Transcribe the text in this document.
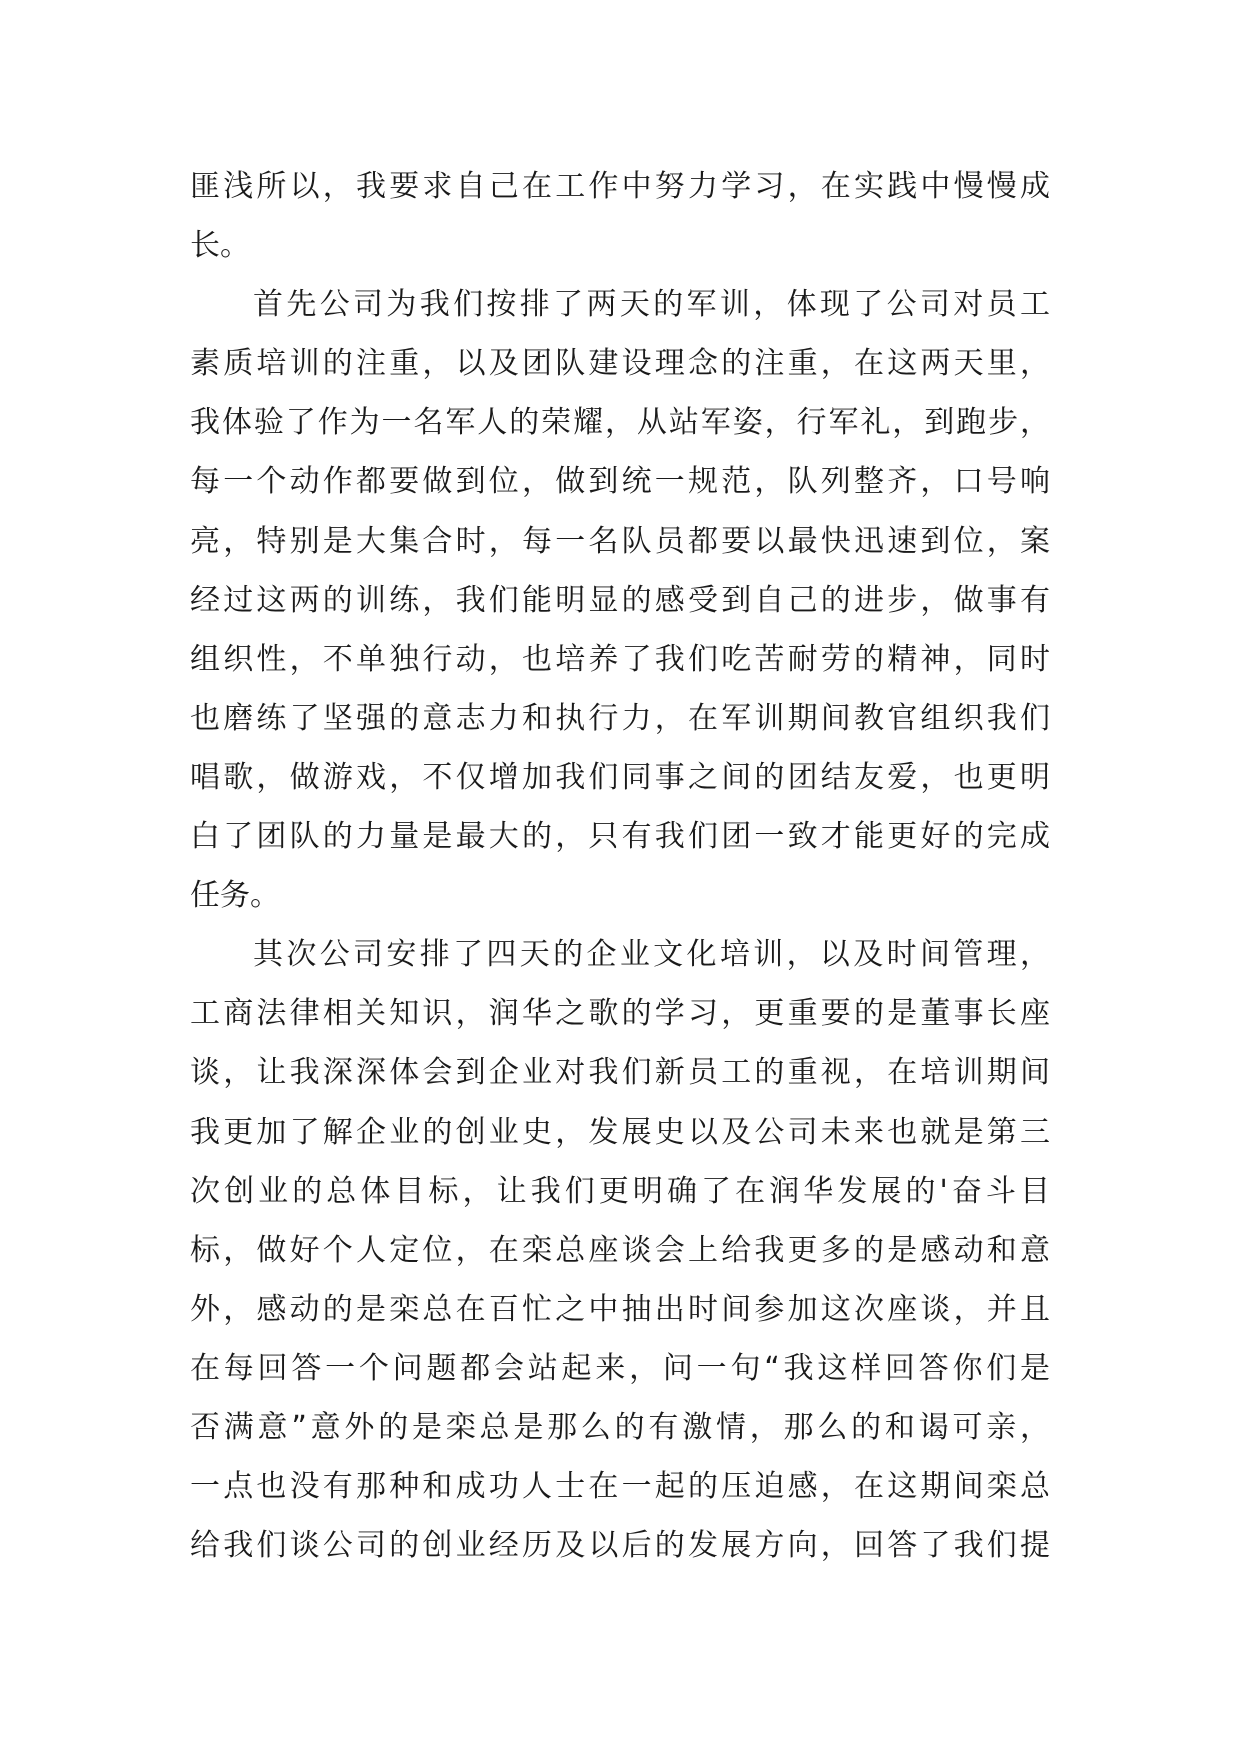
匪浅所以，我要求自己在工作中努力学习，在实践中慢慢成
长。
首先公司为我们按排了两天的军训，体现了公司对员工
素质培训的注重，以及团队建设理念的注重，在这两天里，
我体验了作为一名军人的荣耀，从站军姿，行军礼，到跑步，
每一个动作都要做到位，做到统一规范，队列整齐，口号响
亮，特别是大集合时，每一名队员都要以最快迅速到位，案
经过这两的训练，我们能明显的感受到自己的进步，做事有
组织性，不单独行动，也培养了我们吃苦耐劳的精神，同时
也磨练了坚强的意志力和执行力，在军训期间教官组织我们
唱歌，做游戏，不仅增加我们同事之间的团结友爱，也更明
白了团队的力量是最大的，只有我们团一致才能更好的完成
任务。
其次公司安排了四天的企业文化培训，以及时间管理，
工商法律相关知识，润华之歌的学习，更重要的是董事长座
谈，让我深深体会到企业对我们新员工的重视，在培训期间
我更加了解企业的创业史，发展史以及公司未来也就是第三
次创业的总体目标，让我们更明确了在润华发展的'奋斗目
标，做好个人定位，在栾总座谈会上给我更多的是感动和意
外，感动的是栾总在百忙之中抽出时间参加这次座谈，并且
在每回答一个问题都会站起来，问一句“我这样回答你们是
否满意”意外的是栾总是那么的有激情，那么的和谒可亲，
一点也没有那种和成功人士在一起的压迫感，在这期间栾总
给我们谈公司的创业经历及以后的发展方向，回答了我们提
